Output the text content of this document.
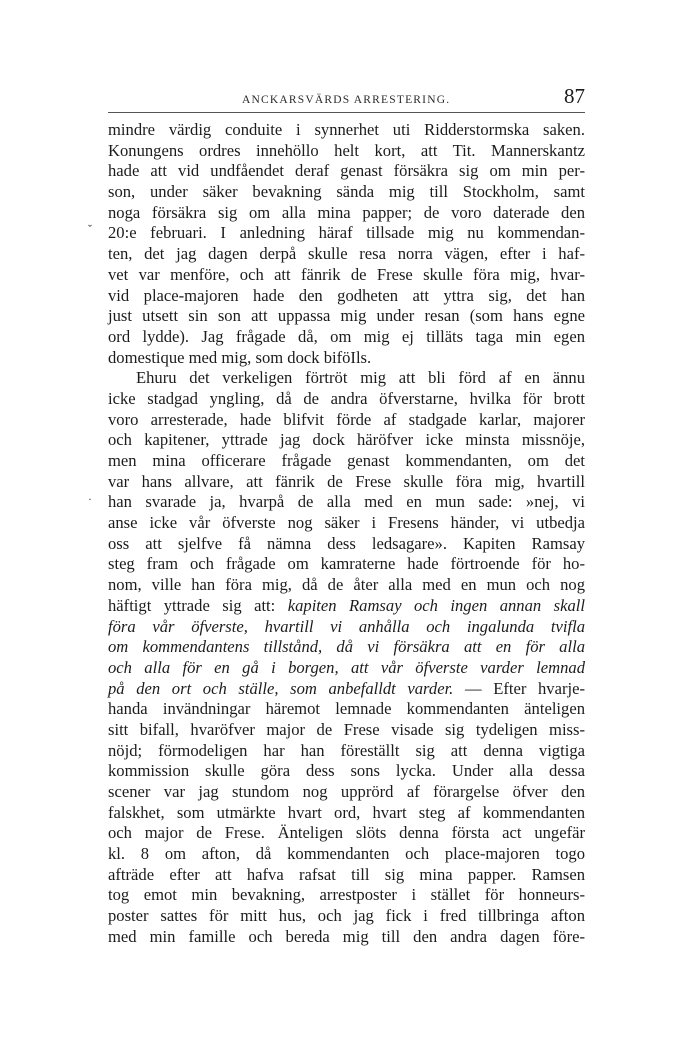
ANCKARSVÄRDS ARRESTERING.	87
ˇ
·
mindre värdig conduite i synnerhet uti Ridderstormska saken.
Konungens ordres innehöllo helt kort, att Tit. Mannerskantz
hade att vid undfåendet deraf genast försäkra sig om min per-
son, under säker bevakning sända mig till Stockholm, samt
noga försäkra sig om alla mina papper; de voro daterade den
20:e februari. I anledning häraf tillsade mig nu kommendan-
ten, det jag dagen derpå skulle resa norra vägen, efter i haf-
vet var menföre, och att fänrik de Frese skulle föra mig, hvar-
vid place-majoren hade den godheten att yttra sig, det han
just utsett sin son att uppassa mig under resan (som hans egne
ord lydde). Jag frågade då, om mig ej tilläts taga min egen
domestique med mig, som dock biföIls.
Ehuru det verkeligen förtröt mig att bli förd af en ännu
icke stadgad yngling, då de andra öfverstarne, hvilka för brott
voro arresterade, hade blifvit förde af stadgade karlar, majorer
och kapitener, yttrade jag dock häröfver icke minsta missnöje,
men mina officerare frågade genast kommendanten, om det
var hans allvare, att fänrik de Frese skulle föra mig, hvartill
han svarade ja, hvarpå de alla med en mun sade: »nej, vi
anse icke vår öfverste nog säker i Fresens händer, vi utbedja
oss att sjelfve få nämna dess ledsagare». Kapiten Ramsay
steg fram och frågade om kamraterne hade förtroende för ho-
nom, ville han föra mig, då de åter alla med en mun och nog
häftigt yttrade sig att: kapiten Ramsay och ingen annan skall
föra vår öfverste, hvartill vi anhålla och ingalunda tvifla
om kommendantens tillstånd, då vi försäkra att en för alla
och alla för en gå i borgen, att vår öfverste varder lemnad
på den ort och ställe, som anbefalldt varder. — Efter hvarje-
handa invändningar häremot lemnade kommendanten änteligen
sitt bifall, hvaröfver major de Frese visade sig tydeligen miss-
nöjd; förmodeligen har han föreställt sig att denna vigtiga
kommission skulle göra dess sons lycka. Under alla dessa
scener var jag stundom nog upprörd af förargelse öfver den
falskhet, som utmärkte hvart ord, hvart steg af kommendanten
och major de Frese. Änteligen slöts denna första act ungefär
kl. 8 om afton, då kommendanten och place-majoren togo
afträde efter att hafva rafsat till sig mina papper. Ramsen
tog emot min bevakning, arrestposter i stället för honneurs-
poster sattes för mitt hus, och jag fick i fred tillbringa afton
med min famille och bereda mig till den andra dagen före-
